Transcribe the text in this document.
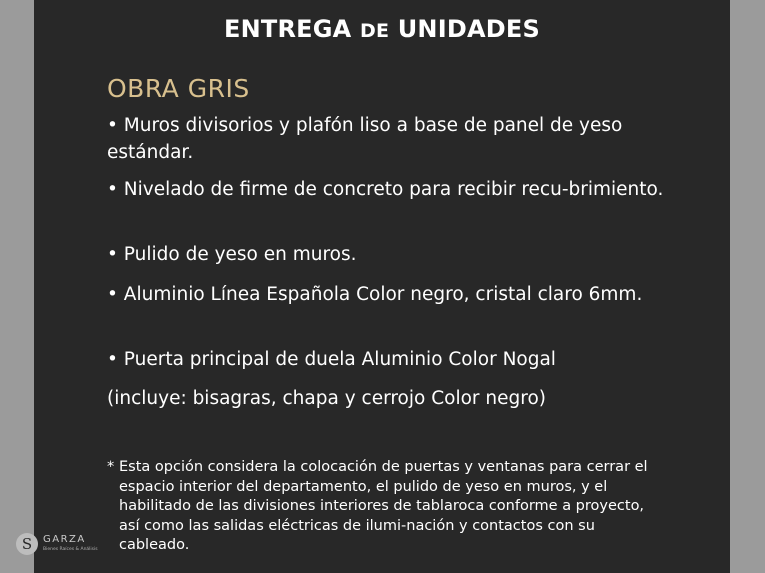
ENTREGA DE UNIDADES
OBRA GRIS
• Muros divisorios y plafón liso a base de panel de yeso estándar.
• Nivelado de firme de concreto para recibir recu-brimiento.
• Pulido de yeso en muros.
• Aluminio Línea Española Color negro, cristal claro 6mm.
• Puerta principal de duela Aluminio Color Nogal
(incluye: bisagras, chapa y cerrojo Color negro)
* Esta opción considera la colocación de puertas y ventanas para cerrar el espacio interior del departamento, el pulido de yeso en muros, y el habilitado de las divisiones interiores de tablaroca conforme a proyecto, así como las salidas eléctricas de ilumi-nación y contactos con su cableado.
S	GARZA
Bienes Raíces & Análisis
